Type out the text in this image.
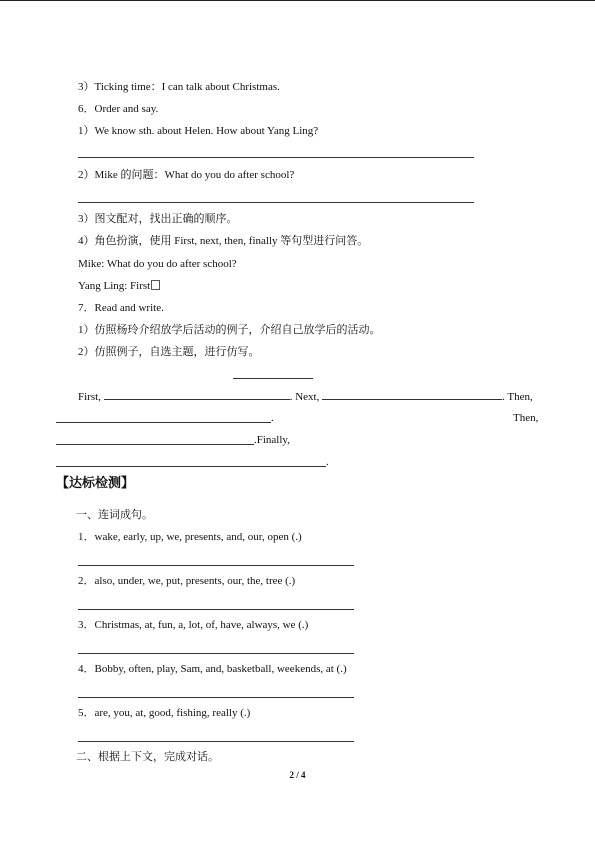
3）Ticking time：I can talk about Christmas.
6．Order and say.
1）We know sth. about Helen. How about Yang Ling?
2）Mike 的问题：What do you do after school?
3）图文配对，找出正确的顺序。
4）角色扮演，使用 First, next, then, finally 等句型进行问答。
Mike: What do you do after school?
Yang Ling: First
7．Read and write.
1）仿照杨玲介绍放学后活动的例子，介绍自己放学后的活动。
2）仿照例子，自选主题，进行仿写。
First,	. Next,	. Then,
.	Then,
.Finally,
.
【达标检测】
一、连词成句。
1．wake, early, up, we, presents, and, our, open (.)
2．also, under, we, put, presents, our, the, tree (.)
3．Christmas, at, fun, a, lot, of, have, always, we (.)
4．Bobby, often, play, Sam, and, basketball, weekends, at (.)
5．are, you, at, good, fishing, really (.)
二、根据上下文，完成对话。
2 / 4
